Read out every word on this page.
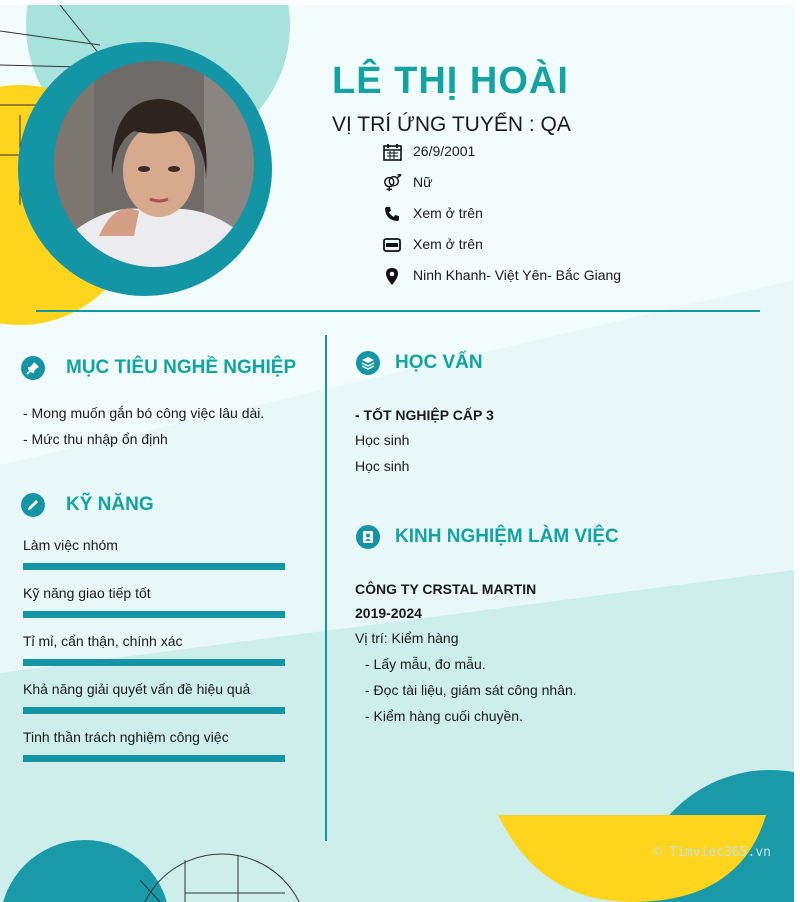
LÊ THỊ HOÀI
VỊ TRÍ ỨNG TUYỂN : QA
26/9/2001
Nữ
Xem ở trên
Xem ở trên
Ninh Khanh- Việt Yên- Bắc Giang
MỤC TIÊU NGHỀ NGHIỆP
- Mong muốn gắn bó công việc lâu dài.
- Mức thu nhập ổn định
KỸ NĂNG
Làm việc nhóm
Kỹ năng giao tiếp tốt
Tỉ mỉ, cẩn thận, chính xác
Khả năng giải quyết vấn đề hiệu quả
Tinh thần trách nghiệm công việc
HỌC VẤN
- TỐT NGHIỆP CẤP 3
Học sinh
Học sinh
KINH NGHIỆM LÀM VIỆC
CÔNG TY CRSTAL MARTIN
2019-2024
Vị trí: Kiểm hàng
- Lấy mẫu, đo mẫu.
- Đọc tài liệu, giám sát công nhân.
- Kiểm hàng cuối chuyền.
© Timviec365.vn
